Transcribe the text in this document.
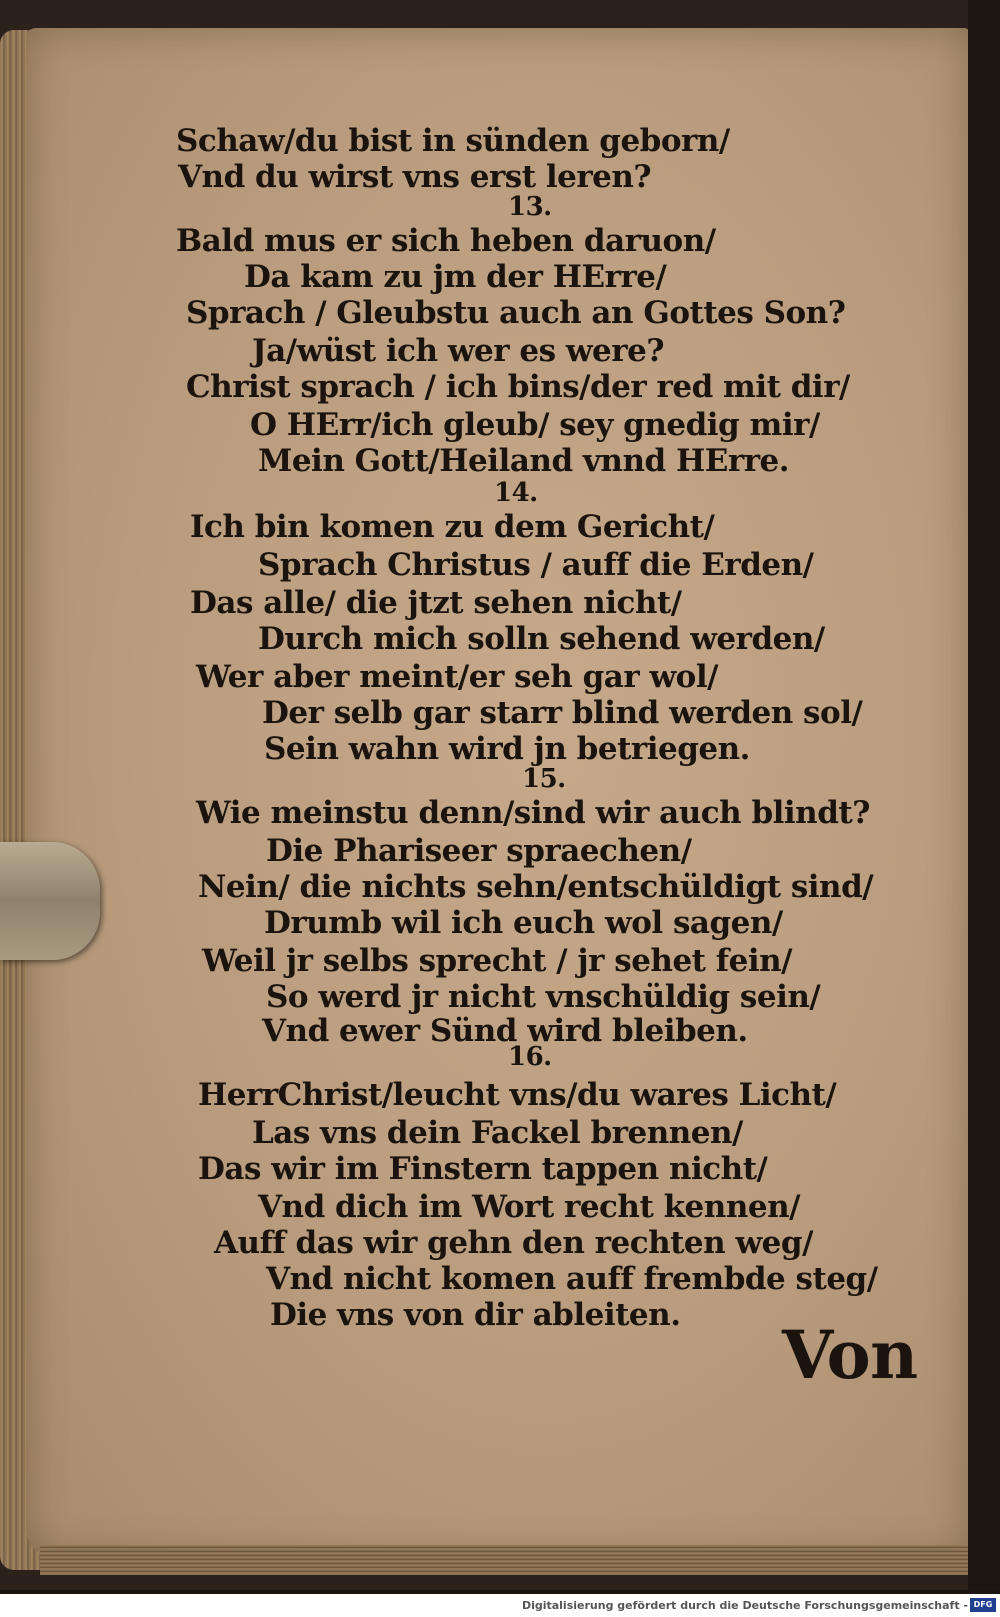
Schaw/du bist in sünden geborn/
Vnd du wirst vns erst leren?
13.
Bald mus er sich heben daruon/
Da kam zu jm der HErre/
Sprach / Gleubstu auch an Gottes Son?
Ja/wüst ich wer es were?
Christ sprach / ich bins/der red mit dir/
O HErr/ich gleub/ sey gnedig mir/
Mein Gott/Heiland vnnd HErre.
14.
Ich bin komen zu dem Gericht/
Sprach Christus / auff die Erden/
Das alle/ die jtzt sehen nicht/
Durch mich solln sehend werden/
Wer aber meint/er seh gar wol/
Der selb gar starr blind werden sol/
Sein wahn wird jn betriegen.
15.
Wie meinstu denn/sind wir auch blindt?
Die Phariseer spraechen/
Nein/ die nichts sehn/entschüldigt sind/
Drumb wil ich euch wol sagen/
Weil jr selbs sprecht / jr sehet fein/
So werd jr nicht vnschüldig sein/
Vnd ewer Sünd wird bleiben.
16.
HerrChrist/leucht vns/du wares Licht/
Las vns dein Fackel brennen/
Das wir im Finstern tappen nicht/
Vnd dich im Wort recht kennen/
Auff das wir gehn den rechten weg/
Vnd nicht komen auff frembde steg/
Die vns von dir ableiten.
Von
Digitalisierung gefördert durch die Deutsche Forschungsgemeinschaft - DFG
